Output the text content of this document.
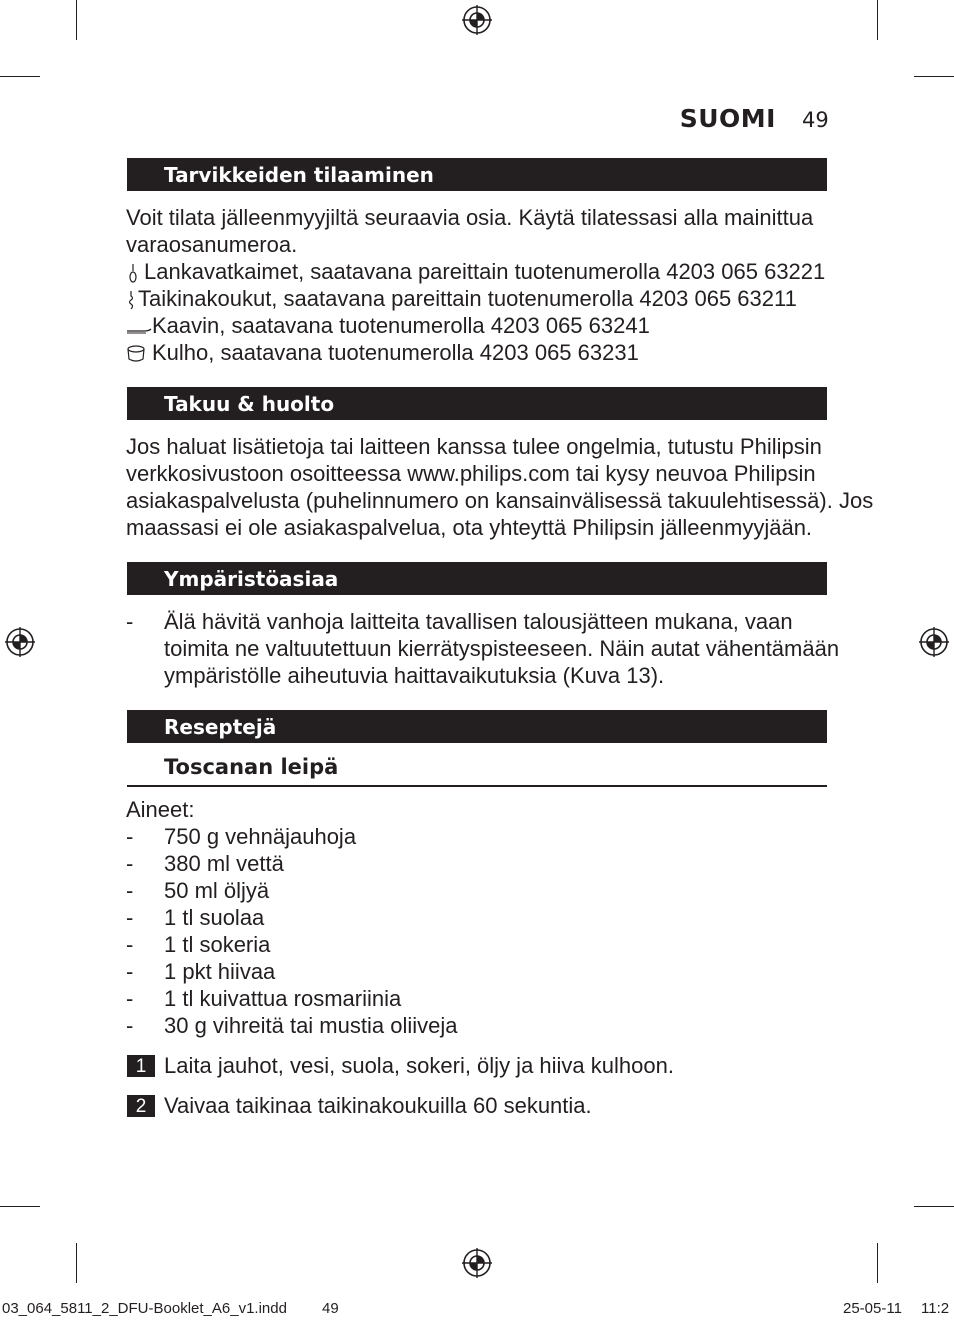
SUOMI 49
Tarvikkeiden tilaaminen
Voit tilata jälleenmyyjiltä seuraavia osia. Käytä tilatessasi alla mainittua
varaosanumeroa.
Lankavatkaimet, saatavana pareittain tuotenumerolla 4203 065 63221
Taikinakoukut, saatavana pareittain tuotenumerolla 4203 065 63211
Kaavin, saatavana tuotenumerolla 4203 065 63241
Kulho, saatavana tuotenumerolla 4203 065 63231
Takuu & huolto
Jos haluat lisätietoja tai laitteen kanssa tulee ongelmia, tutustu Philipsin
verkkosivustoon osoitteessa www.philips.com tai kysy neuvoa Philipsin
asiakaspalvelusta (puhelinnumero on kansainvälisessä takuulehtisessä). Jos
maassasi ei ole asiakaspalvelua, ota yhteyttä Philipsin jälleenmyyjään.
Ympäristöasiaa
- Älä hävitä vanhoja laitteita tavallisen talousjätteen mukana, vaan
toimita ne valtuutettuun kierrätyspisteeseen. Näin autat vähentämään
ympäristölle aiheutuvia haittavaikutuksia (Kuva 13).
Reseptejä
Toscanan leipä
Aineet:
- 750 g vehnäjauhoja
- 380 ml vettä
- 50 ml öljyä
- 1 tl suolaa
- 1 tl sokeria
- 1 pkt hiivaa
- 1 tl kuivattua rosmariinia
- 30 g vihreitä tai mustia oliiveja
1 Laita jauhot, vesi, suola, sokeri, öljy ja hiiva kulhoon.
2 Vaivaa taikinaa taikinakoukuilla 60 sekuntia.
03_064_5811_2_DFU-Booklet_A6_v1.indd 49	25-05-11 11:2
